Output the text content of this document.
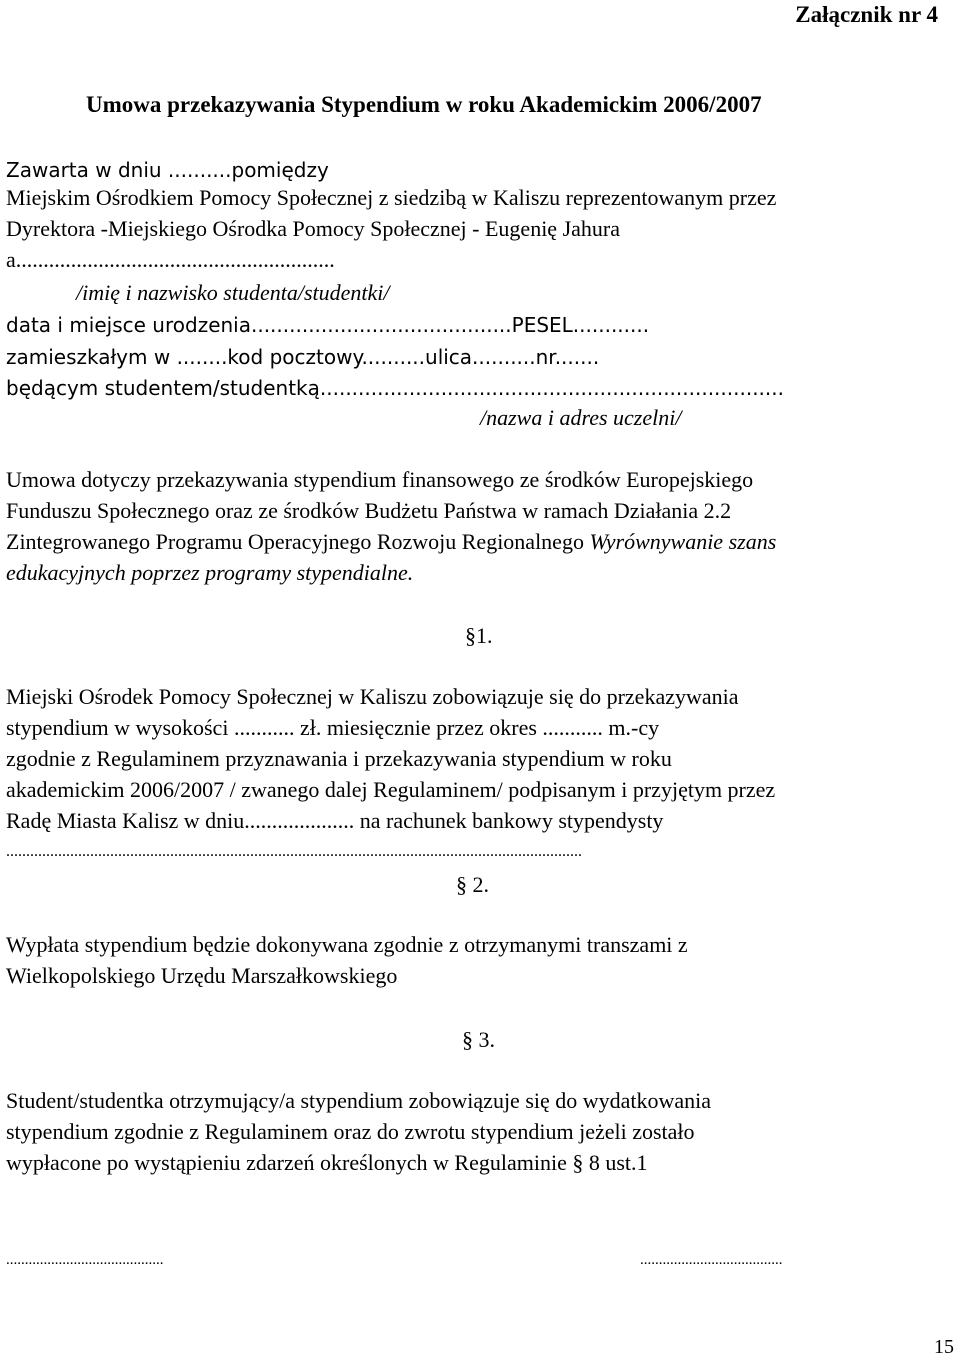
Załącznik nr 4
Umowa przekazywania Stypendium w roku Akademickim 2006/2007
Zawarta w dniu ..........pomiędzy
Miejskim Ośrodkiem Pomocy Społecznej z siedzibą w Kaliszu reprezentowanym przez
Dyrektora -Miejskiego Ośrodka Pomocy Społecznej - Eugenię Jahura
a..........................................................
/imię i nazwisko studenta/studentki/
data i miejsce urodzenia.........................................PESEL............
zamieszkałym w ........kod pocztowy..........ulica..........nr.......
będącym studentem/studentką.........................................................................
/nazwa i adres uczelni/
Umowa dotyczy przekazywania stypendium finansowego ze środków Europejskiego
Funduszu Społecznego oraz ze środków Budżetu Państwa w ramach Działania 2.2
Zintegrowanego Programu Operacyjnego Rozwoju Regionalnego Wyrównywanie szans
edukacyjnych poprzez programy stypendialne.
§1.
Miejski Ośrodek Pomocy Społecznej w Kaliszu zobowiązuje się do przekazywania
stypendium w wysokości ........... zł. miesięcznie przez okres ........... m.-cy
zgodnie z Regulaminem przyznawania i przekazywania stypendium w roku
akademickim 2006/2007 / zwanego dalej Regulaminem/ podpisanym i przyjętym przez
Radę Miasta Kalisz w dniu.................... na rachunek bankowy stypendysty
................................................................................................................................................
§ 2.
Wypłata stypendium będzie dokonywana zgodnie z otrzymanymi transzami z
Wielkopolskiego Urzędu Marszałkowskiego
§ 3.
Student/studentka otrzymujący/a stypendium zobowiązuje się do wydatkowania
stypendium zgodnie z Regulaminem oraz do zwrotu stypendium jeżeli zostało
wypłacone po wystąpieniu zdarzeń określonych w Regulaminie § 8 ust.1
..........................................	......................................
15
